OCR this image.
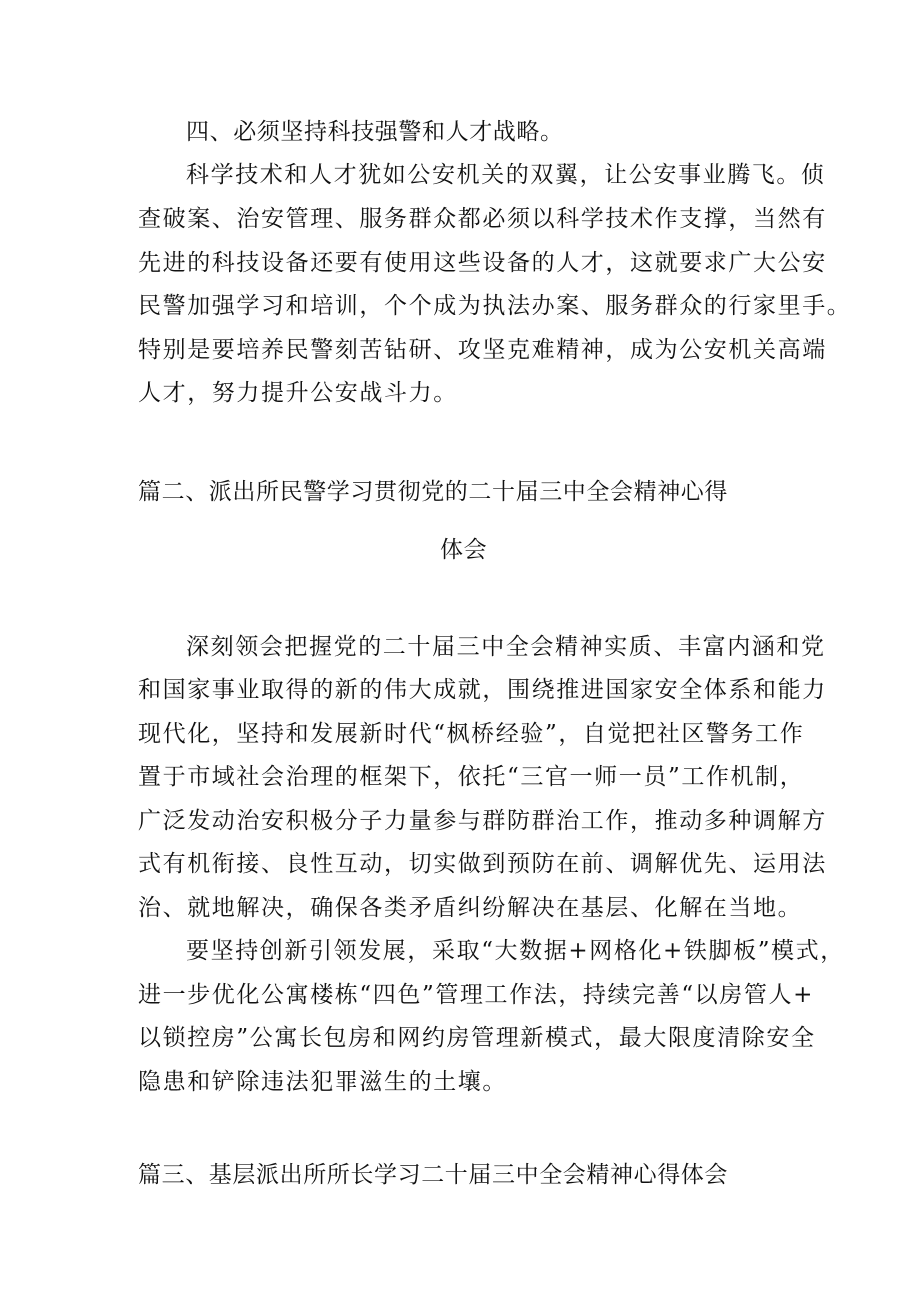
四、必须坚持科技强警和人才战略。
科学技术和人才犹如公安机关的双翼，让公安事业腾飞。侦
查破案、治安管理、服务群众都必须以科学技术作支撑，当然有
先进的科技设备还要有使用这些设备的人才，这就要求广大公安
民警加强学习和培训，个个成为执法办案、服务群众的行家里手。
特别是要培养民警刻苦钻研、攻坚克难精神，成为公安机关高端
人才，努力提升公安战斗力。
篇二、派出所民警学习贯彻党的二十届三中全会精神心得
体会
深刻领会把握党的二十届三中全会精神实质、丰富内涵和党
和国家事业取得的新的伟大成就，围绕推进国家安全体系和能力
现代化，坚持和发展新时代“枫桥经验”，自觉把社区警务工作
置于市域社会治理的框架下，依托“三官一师一员”工作机制，
广泛发动治安积极分子力量参与群防群治工作，推动多种调解方
式有机衔接、良性互动，切实做到预防在前、调解优先、运用法
治、就地解决，确保各类矛盾纠纷解决在基层、化解在当地。
要坚持创新引领发展，采取“大数据+网格化+铁脚板”模式，
进一步优化公寓楼栋“四色”管理工作法，持续完善“以房管人+
以锁控房”公寓长包房和网约房管理新模式，最大限度清除安全
隐患和铲除违法犯罪滋生的土壤。
篇三、基层派出所所长学习二十届三中全会精神心得体会
